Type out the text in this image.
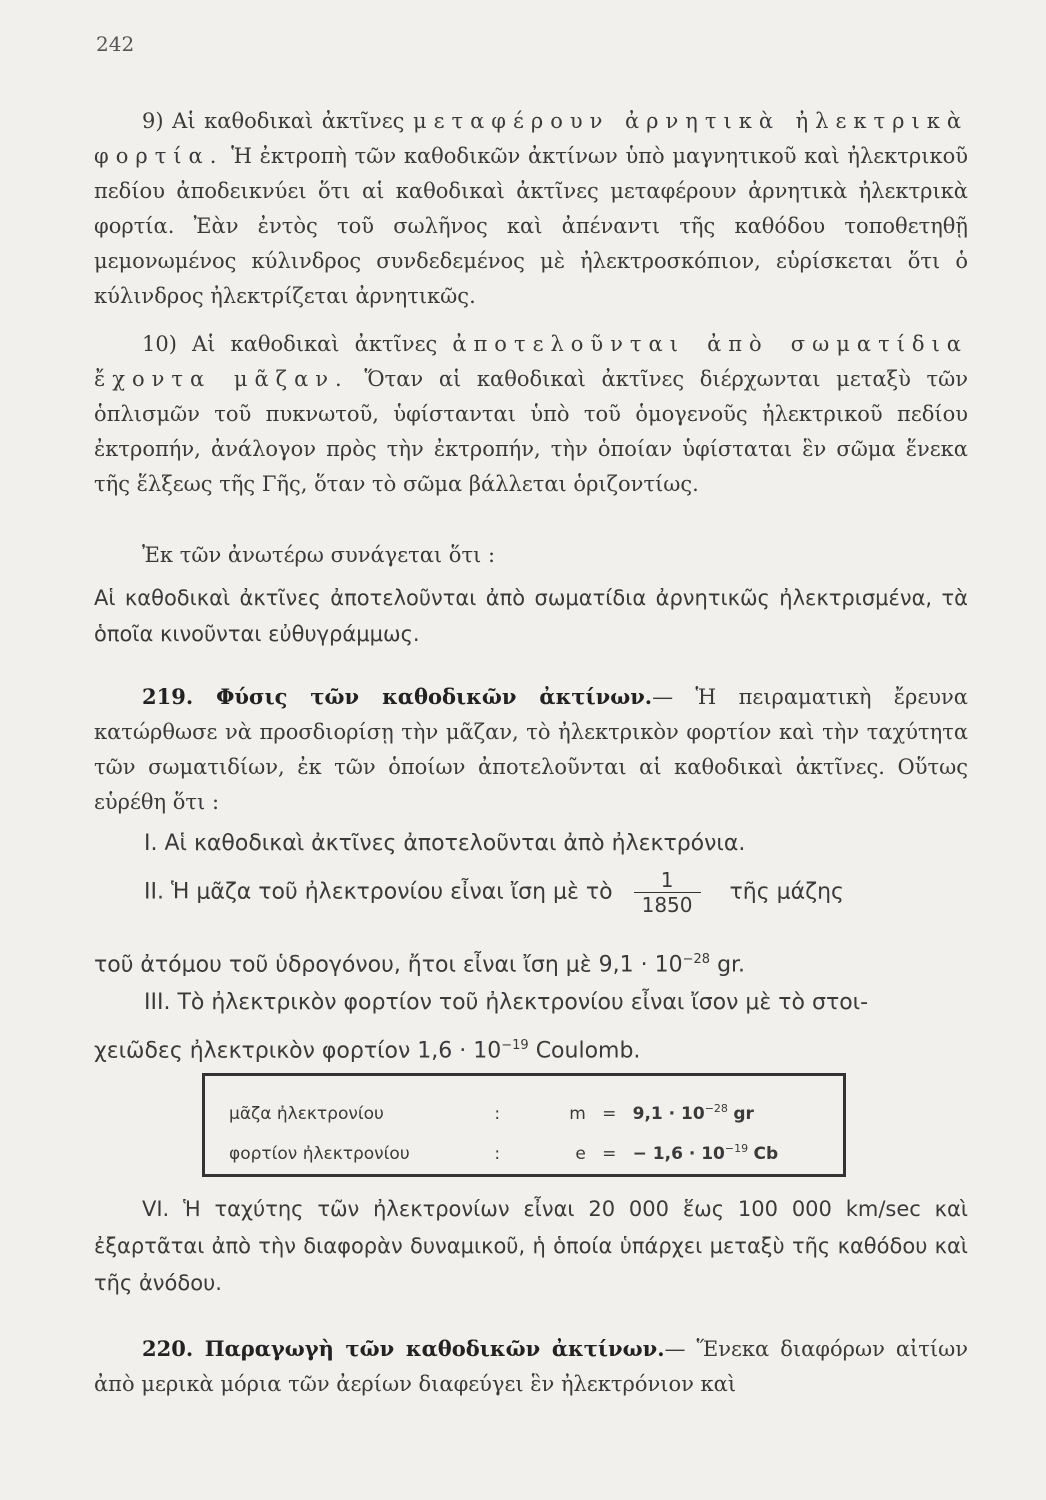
242
9) Αἱ καθοδικαὶ ἀκτῖνες μεταφέρουν ἀρνητικὰ ἠλεκτρικὰ φορτία. Ἡ ἐκτροπὴ τῶν καθοδικῶν ἀκτίνων ὑπὸ μαγνητικοῦ καὶ ἠλεκτρικοῦ πεδίου ἀποδεικνύει ὅτι αἱ καθοδικαὶ ἀκτῖνες μεταφέρουν ἀρνητικὰ ἠλεκτρικὰ φορτία. Ἐὰν ἐντὸς τοῦ σωλῆνος καὶ ἀπέναντι τῆς καθόδου τοποθετηθῇ μεμονωμένος κύλινδρος συνδεδεμένος μὲ ἠλεκτροσκόπιον, εὑρίσκεται ὅτι ὁ κύλινδρος ἠλεκτρίζεται ἀρνητικῶς.
10) Αἱ καθοδικαὶ ἀκτῖνες ἀποτελοῦνται ἀπὸ σωματίδια ἔχοντα μᾶζαν. Ὅταν αἱ καθοδικαὶ ἀκτῖνες διέρχωνται μεταξὺ τῶν ὁπλισμῶν τοῦ πυκνωτοῦ, ὑφίστανται ὑπὸ τοῦ ὁμογενοῦς ἠλεκτρικοῦ πεδίου ἐκτροπήν, ἀνάλογον πρὸς τὴν ἐκτροπήν, τὴν ὁποίαν ὑφίσταται ἓν σῶμα ἕνεκα τῆς ἕλξεως τῆς Γῆς, ὅταν τὸ σῶμα βάλλεται ὁριζοντίως.
Ἐκ τῶν ἀνωτέρω συνάγεται ὅτι :
Αἱ καθοδικαὶ ἀκτῖνες ἀποτελοῦνται ἀπὸ σωματίδια ἀρνητικῶς ἠλεκτρισμένα, τὰ ὁποῖα κινοῦνται εὐθυγράμμως.
219. Φύσις τῶν καθοδικῶν ἀκτίνων.— Ἡ πειραματικὴ ἔρευνα κατώρθωσε νὰ προσδιορίσῃ τὴν μᾶζαν, τὸ ἠλεκτρικὸν φορτίον καὶ τὴν ταχύτητα τῶν σωματιδίων, ἐκ τῶν ὁποίων ἀποτελοῦνται αἱ καθοδικαὶ ἀκτῖνες. Οὕτως εὑρέθη ὅτι :
I. Αἱ καθοδικαὶ ἀκτῖνες ἀποτελοῦνται ἀπὸ ἠλεκτρόνια.
II. Ἡ μᾶζα τοῦ ἠλεκτρονίου εἶναι ἴση μὲ τὸ $\frac{1}{1850}$ τῆς μάζης
τοῦ ἀτόμου τοῦ ὑδρογόνου, ἤτοι εἶναι ἴση μὲ $9,1 \cdot 10^{-28}$ gr.
III. Τὸ ἠλεκτρικὸν φορτίον τοῦ ἠλεκτρονίου εἶναι ἴσον μὲ τὸ στοι-
χειῶδες ἠλεκτρικὸν φορτίον $1,6 \cdot 10^{-19}$ Coulomb.
μᾶζα ἠλεκτρονίου	:	$m = 9,1 \cdot 10^{-28}$ gr
φορτίον ἠλεκτρονίου	:	e = − $1,6 \cdot 10^{-19}$ Cb
VI. Ἡ ταχύτης τῶν ἠλεκτρονίων εἶναι 20 000 ἕως 100 000 km/sec καὶ ἐξαρτᾶται ἀπὸ τὴν διαφορὰν δυναμικοῦ, ἡ ὁποία ὑπάρχει μεταξὺ τῆς καθόδου καὶ τῆς ἀνόδου.
220. Παραγωγὴ τῶν καθοδικῶν ἀκτίνων.— Ἕνεκα διαφόρων αἰτίων ἀπὸ μερικὰ μόρια τῶν ἀερίων διαφεύγει ἓν ἠλεκτρόνιον καὶ
